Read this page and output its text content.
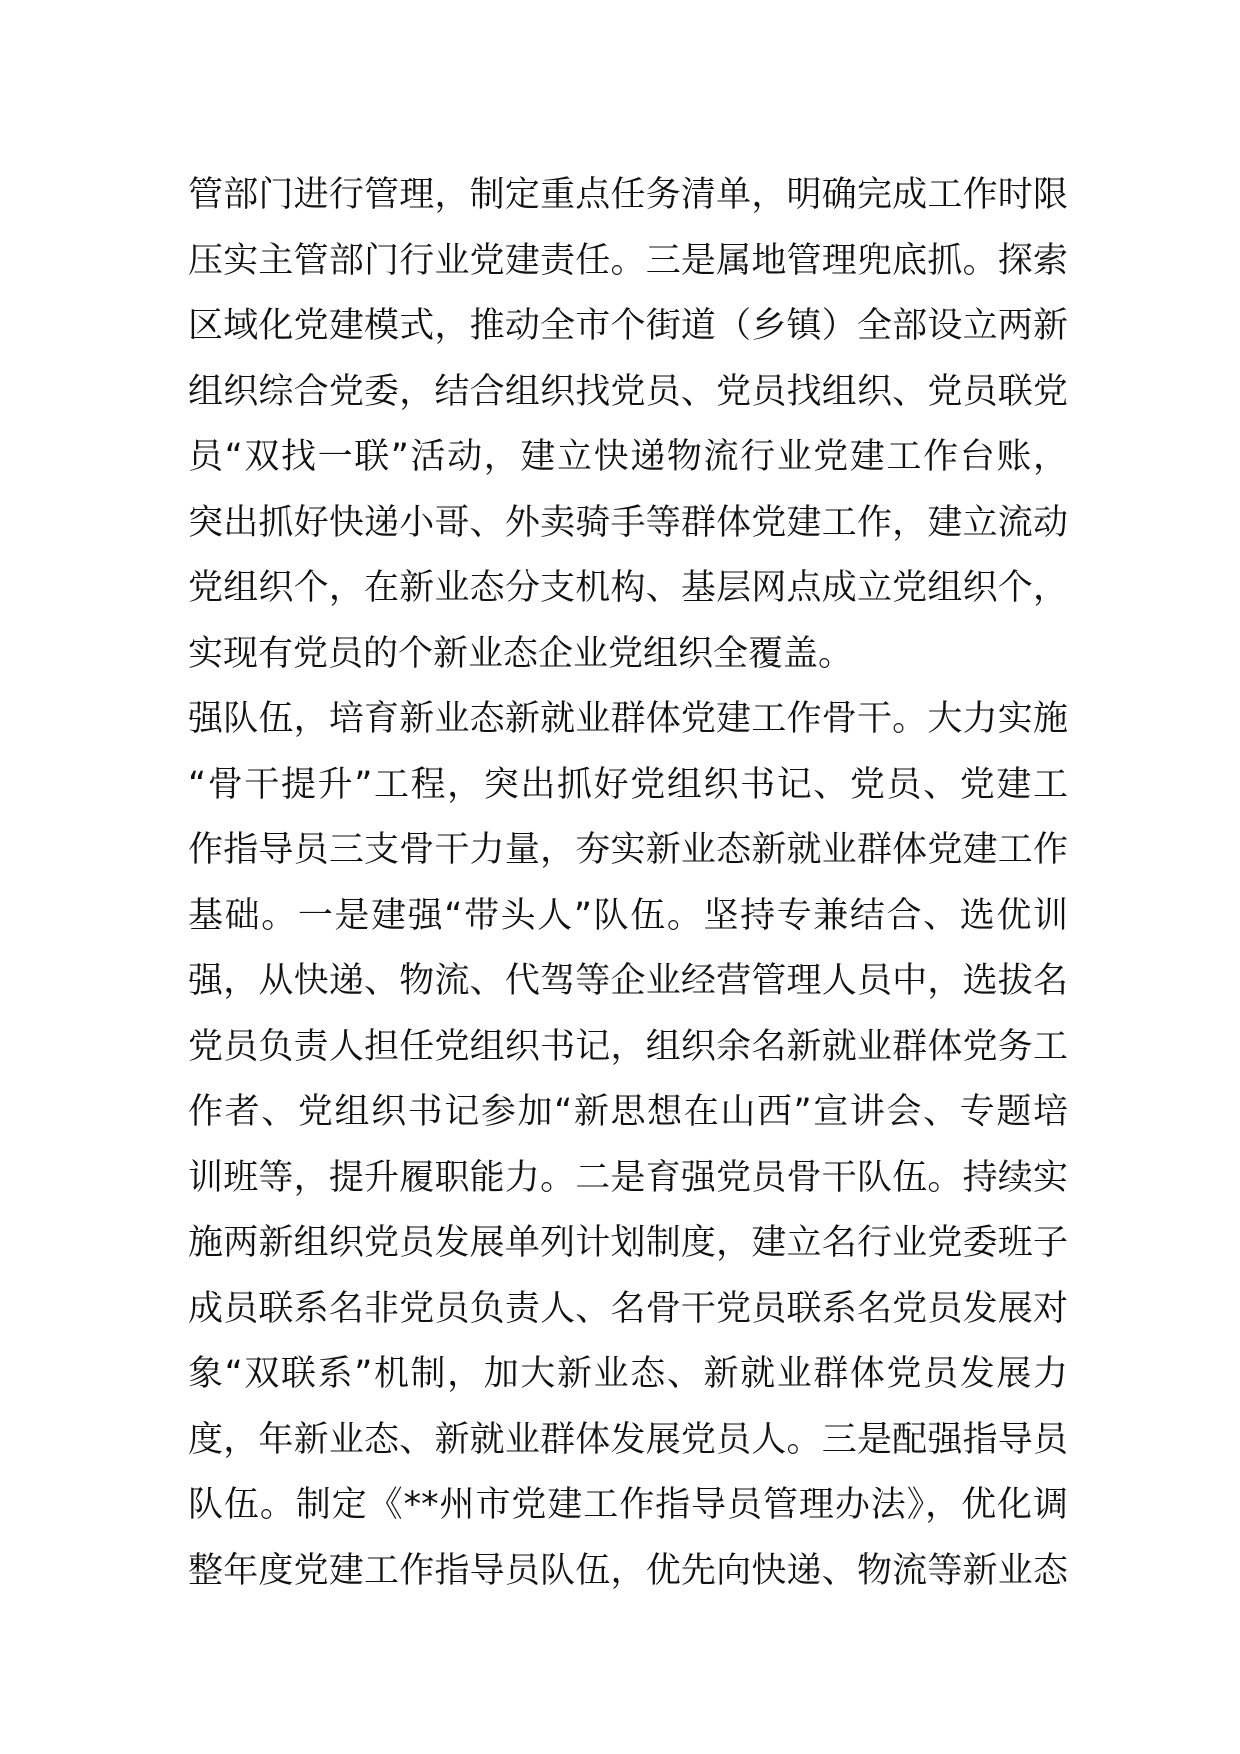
管部门进行管理，制定重点任务清单，明确完成工作时限
压实主管部门行业党建责任。三是属地管理兜底抓。探索
区域化党建模式，推动全市个街道（乡镇）全部设立两新
组织综合党委，结合组织找党员、党员找组织、党员联党
员“双找一联”活动，建立快递物流行业党建工作台账，
突出抓好快递小哥、外卖骑手等群体党建工作，建立流动
党组织个，在新业态分支机构、基层网点成立党组织个，
实现有党员的个新业态企业党组织全覆盖。
强队伍，培育新业态新就业群体党建工作骨干。大力实施
“骨干提升”工程，突出抓好党组织书记、党员、党建工
作指导员三支骨干力量，夯实新业态新就业群体党建工作
基础。一是建强“带头人”队伍。坚持专兼结合、选优训
强，从快递、物流、代驾等企业经营管理人员中，选拔名
党员负责人担任党组织书记，组织余名新就业群体党务工
作者、党组织书记参加“新思想在山西”宣讲会、专题培
训班等，提升履职能力。二是育强党员骨干队伍。持续实
施两新组织党员发展单列计划制度，建立名行业党委班子
成员联系名非党员负责人、名骨干党员联系名党员发展对
象“双联系”机制，加大新业态、新就业群体党员发展力
度，年新业态、新就业群体发展党员人。三是配强指导员
队伍。制定《**州市党建工作指导员管理办法》，优化调
整年度党建工作指导员队伍，优先向快递、物流等新业态
